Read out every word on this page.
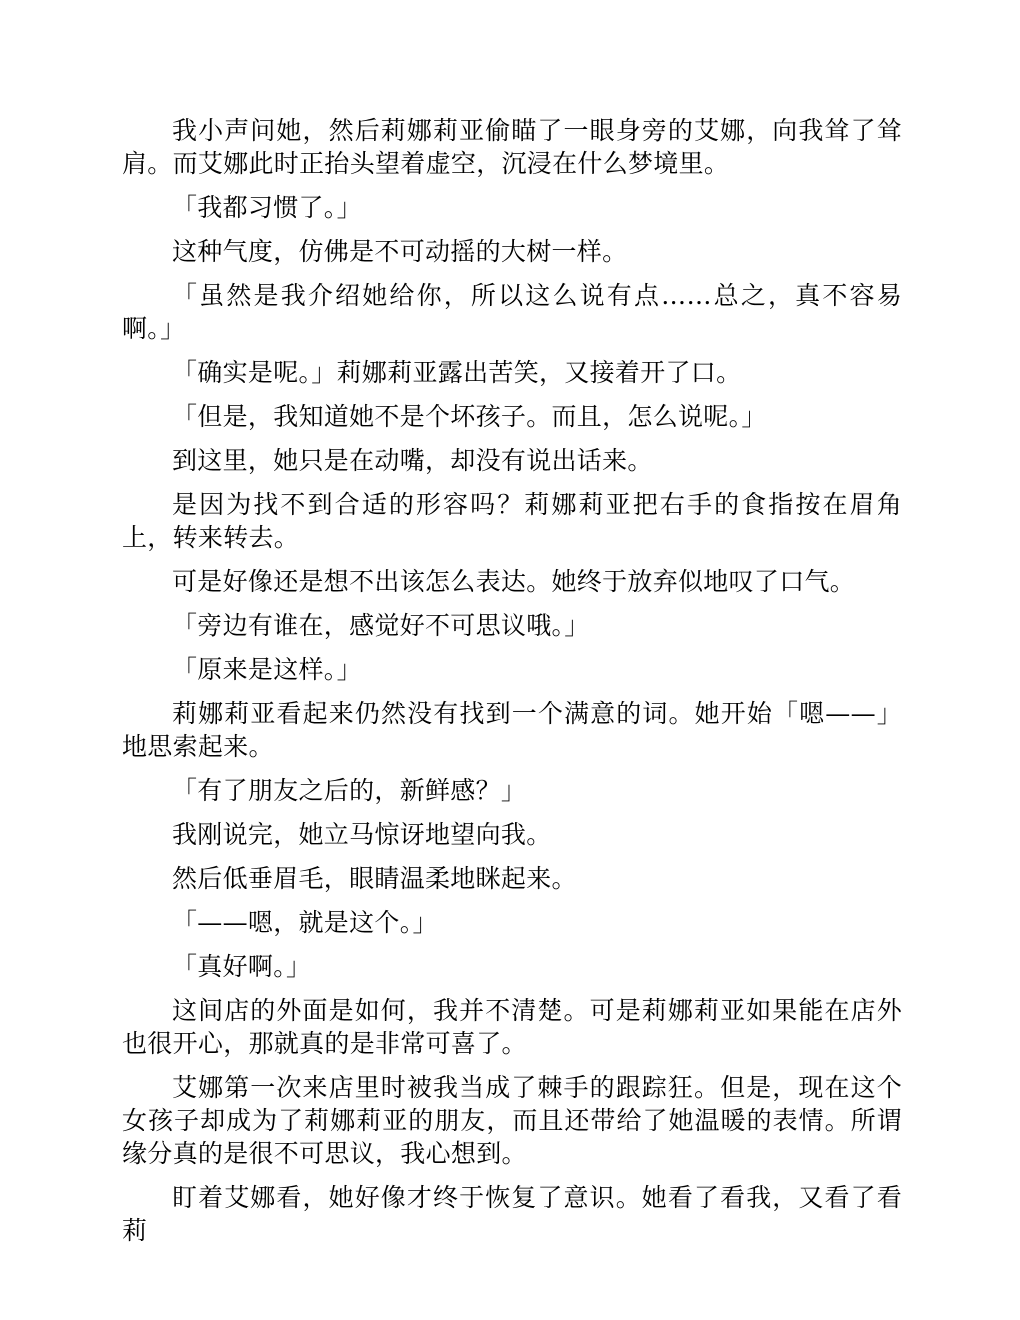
我小声问她，然后莉娜莉亚偷瞄了一眼身旁的艾娜，向我耸了耸肩。而艾娜此时正抬头望着虚空，沉浸在什么梦境里。

「我都习惯了。」

这种气度，仿佛是不可动摇的大树一样。

「虽然是我介绍她给你，所以这么说有点……总之，真不容易啊。」

「确实是呢。」莉娜莉亚露出苦笑，又接着开了口。

「但是，我知道她不是个坏孩子。而且，怎么说呢。」

到这里，她只是在动嘴，却没有说出话来。

是因为找不到合适的形容吗？莉娜莉亚把右手的食指按在眉角上，转来转去。

可是好像还是想不出该怎么表达。她终于放弃似地叹了口气。

「旁边有谁在，感觉好不可思议哦。」

「原来是这样。」

莉娜莉亚看起来仍然没有找到一个满意的词。她开始「嗯——」地思索起来。

「有了朋友之后的，新鲜感？」

我刚说完，她立马惊讶地望向我。

然后低垂眉毛，眼睛温柔地眯起来。

「——嗯，就是这个。」

「真好啊。」

这间店的外面是如何，我并不清楚。可是莉娜莉亚如果能在店外也很开心，那就真的是非常可喜了。

艾娜第一次来店里时被我当成了棘手的跟踪狂。但是，现在这个女孩子却成为了莉娜莉亚的朋友，而且还带给了她温暖的表情。所谓缘分真的是很不可思议，我心想到。

盯着艾娜看，她好像才终于恢复了意识。她看了看我，又看了看莉
